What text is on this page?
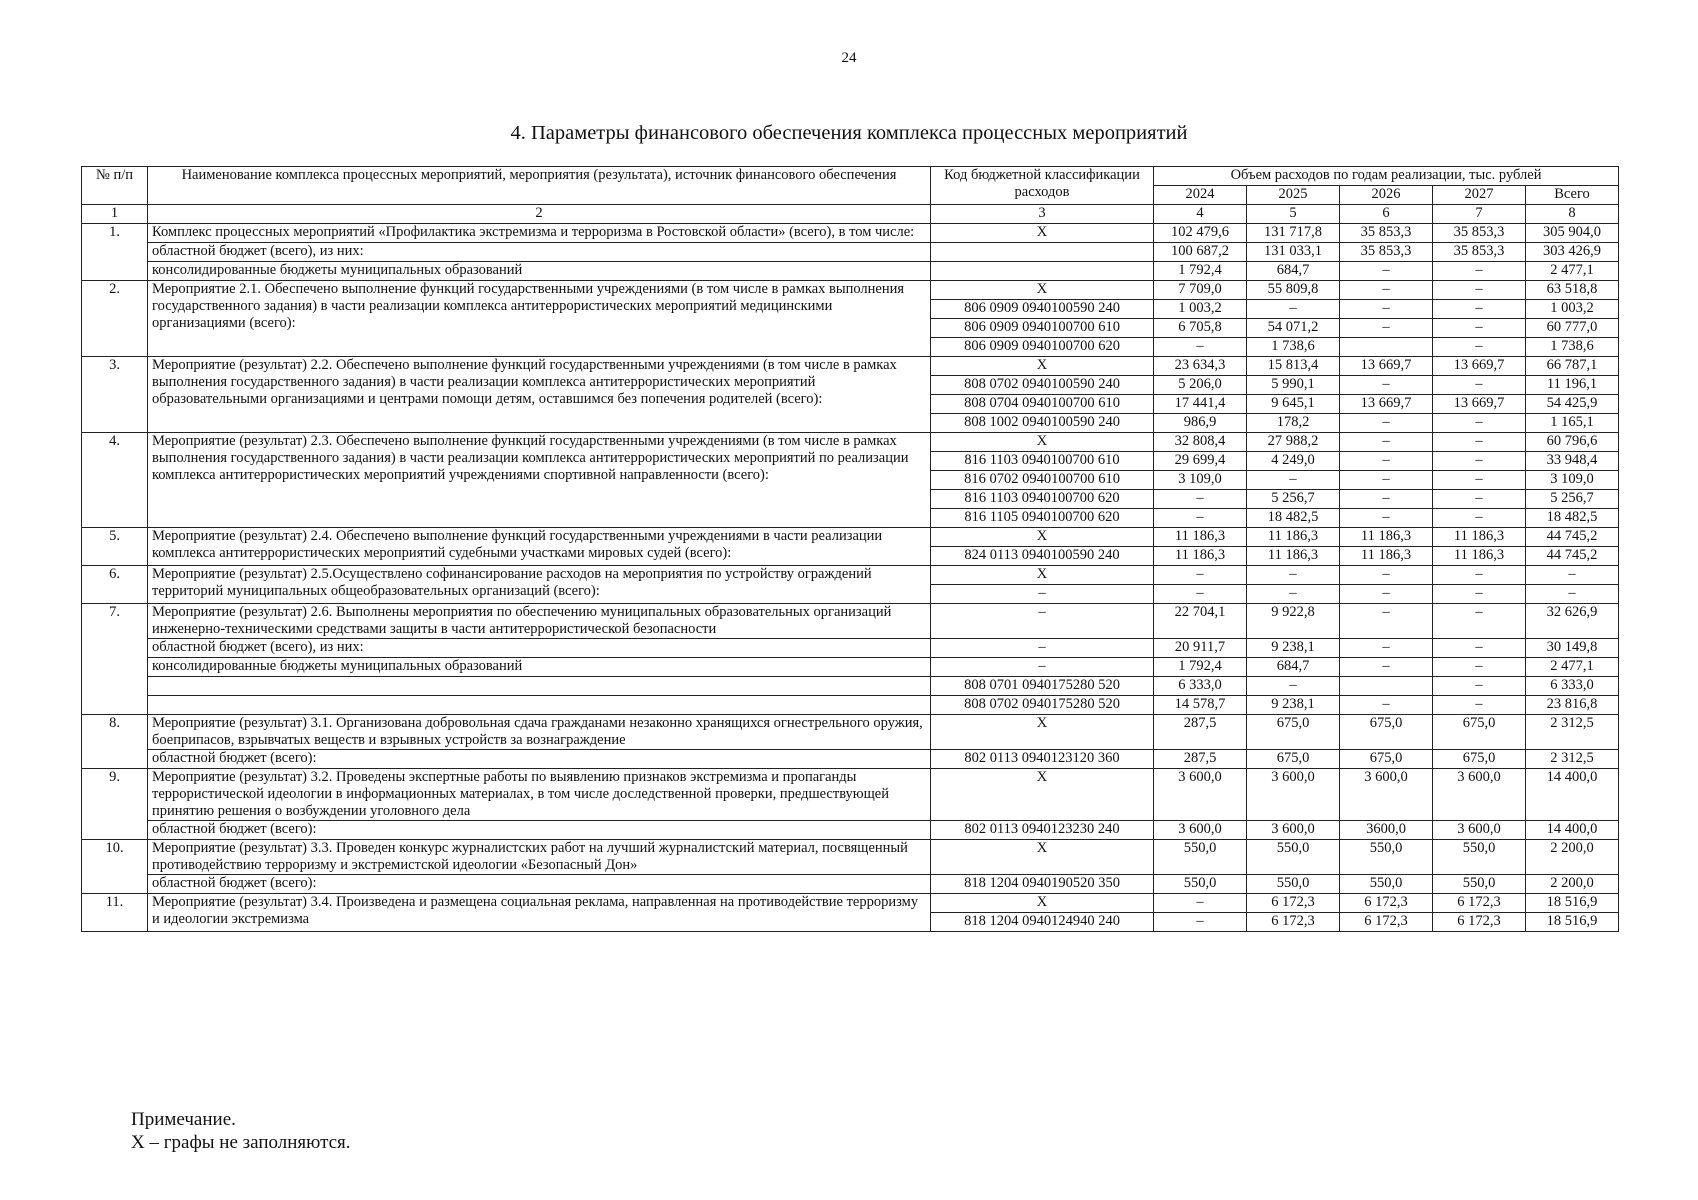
24
4. Параметры финансового обеспечения комплекса процессных мероприятий
№ п/п	Наименование комплекса процессных мероприятий, мероприятия (результата), источник финансового обеспечения	Код бюджетной классификации расходов	Объем расходов по годам реализации, тыс. рублей				
			2024	2025	2026	2027	Всего
1	2	3	4	5	6	7	8
1.	Комплекс процессных мероприятий «Профилактика экстремизма и терроризма в Ростовской области» (всего), в том числе:	X	102 479,6	131 717,8	35 853,3	35 853,3	305 904,0

	областной бюджет (всего), из них:		100 687,2	131 033,1	35 853,3	35 853,3	303 426,9
	консолидированные бюджеты муниципальных образований		1 792,4	684,7	–	–	2 477,1
2.	Мероприятие 2.1. Обеспечено выполнение функций государственными учреждениями (в том числе в рамках выполнения государственного задания) в части реализации комплекса антитеррористических мероприятий медицинскими организациями (всего):	X	7 709,0	55 809,8	–	–	63 518,8
		806 0909 0940100590 240	1 003,2	–	–	–	1 003,2
		806 0909 0940100700 610	6 705,8	54 071,2	–	–	60 777,0
		806 0909 0940100700 620	–	1 738,6		–	1 738,6
3.	Мероприятие (результат) 2.2. Обеспечено выполнение функций государственными учреждениями (в том числе в рамках выполнения государственного задания) в части реализации комплекса антитеррористических мероприятий образовательными организациями и центрами помощи детям, оставшимся без попечения родителей (всего):	X	23 634,3	15 813,4	13 669,7	13 669,7	66 787,1
		808 0702 0940100590 240	5 206,0	5 990,1	–	–	11 196,1
		808 0704 0940100700 610	17 441,4	9 645,1	13 669,7	13 669,7	54 425,9
		808 1002 0940100590 240	986,9	178,2	–	–	1 165,1
4.	Мероприятие (результат) 2.3. Обеспечено выполнение функций государственными учреждениями (в том числе в рамках выполнения государственного задания) в части реализации комплекса антитеррористических мероприятий по реализации комплекса антитеррористических мероприятий учреждениями спортивной направленности (всего):	X	32 808,4	27 988,2	–	–	60 796,6
		816 1103 0940100700 610	29 699,4	4 249,0	–	–	33 948,4
		816 0702 0940100700 610	3 109,0	–	–	–	3 109,0
		816 1103 0940100700 620	–	5 256,7	–	–	5 256,7
		816 1105 0940100700 620	–	18 482,5	–	–	18 482,5
5.	Мероприятие (результат) 2.4. Обеспечено выполнение функций государственными учреждениями в части реализации комплекса антитеррористических мероприятий судебными участками мировых судей (всего):	X	11 186,3	11 186,3	11 186,3	11 186,3	44 745,2
		824 0113 0940100590 240	11 186,3	11 186,3	11 186,3	11 186,3	44 745,2

6.	Мероприятие (результат) 2.5.Осуществлено софинансирование расходов на мероприятия по устройству ограждений территорий муниципальных общеобразовательных организаций (всего):	X	–	–	–	–	–

		–	–	–	–	–	–
7.	Мероприятие (результат) 2.6. Выполнены мероприятия по обеспечению муниципальных образовательных организаций инженерно-техническими средствами защиты в части антитеррористической безопасности	–	22 704,1	9 922,8	–	–	32 626,9

	областной бюджет (всего), из них:	–	20 911,7	9 238,1	–	–	30 149,8
	консолидированные бюджеты муниципальных образований	–	1 792,4	684,7	–	–	2 477,1
		808 0701 0940175280 520	6 333,0	–		–	6 333,0
		808 0702 0940175280 520	14 578,7	9 238,1	–	–	23 816,8
8.	Мероприятие (результат) 3.1. Организована добровольная сдача гражданами незаконно хранящихся огнестрельного оружия, боеприпасов, взрывчатых веществ и взрывных устройств за вознаграждение	X	287,5	675,0	675,0	675,0	2 312,5

	областной бюджет (всего):	802 0113 0940123120 360	287,5	675,0	675,0	675,0	2 312,5
9.	Мероприятие (результат) 3.2. Проведены экспертные работы по выявлению признаков экстремизма и пропаганды террористической идеологии в информационных материалах, в том числе доследственной проверки, предшествующей принятию решения о возбуждении уголовного дела	X	3 600,0	3 600,0	3 600,0	3 600,0	14 400,0

	областной бюджет (всего):	802 0113 0940123230 240	3 600,0	3 600,0	3600,0	3 600,0	14 400,0
10.	Мероприятие (результат) 3.3. Проведен конкурс журналистских работ на лучший журналистский материал, посвященный противодействию терроризму и экстремистской идеологии «Безопасный Дон»	X	550,0	550,0	550,0	550,0	2 200,0

	областной бюджет (всего):	818 1204 0940190520 350	550,0	550,0	550,0	550,0	2 200,0
11.	Мероприятие (результат) 3.4. Произведена и размещена социальная реклама, направленная на противодействие терроризму и идеологии экстремизма	X	–	6 172,3	6 172,3	6 172,3	18 516,9
		818 1204 0940124940 240	–	6 172,3	6 172,3	6 172,3	18 516,9
Примечание.
X – графы не заполняются.
